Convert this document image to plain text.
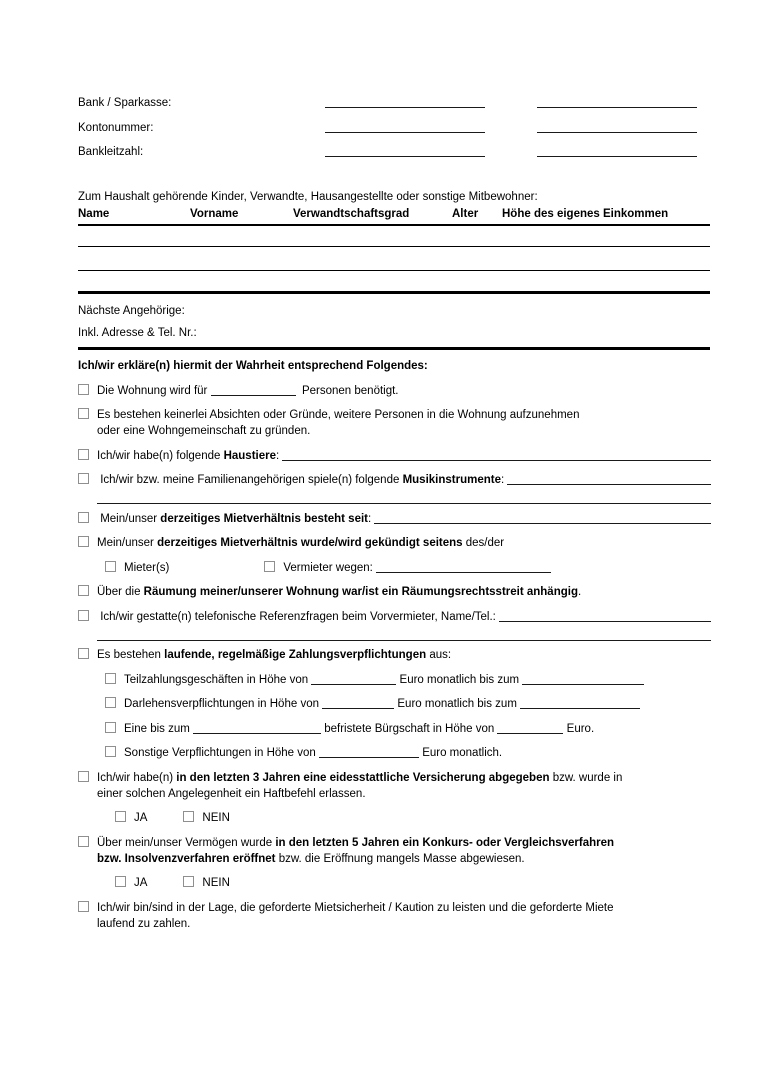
Bank / Sparkasse:
Kontonummer:
Bankleitzahl:
Zum Haushalt gehörende Kinder, Verwandte, Hausangestellte oder sonstige Mitbewohner:
Name	Vorname	Verwandtschaftsgrad	Alter	Höhe des eigenes Einkommen
Nächste Angehörige:
Inkl. Adresse & Tel. Nr.:
Ich/wir erkläre(n) hiermit der Wahrheit entsprechend Folgendes:
Die Wohnung wird für	Personen benötigt.
Es bestehen keinerlei Absichten oder Gründe, weitere Personen in die Wohnung aufzunehmen
oder eine Wohngemeinschaft zu gründen.
Ich/wir habe(n) folgende Haustiere :
Ich/wir bzw. meine Familienangehörigen spiele(n) folgende Musikinstrumente :
Mein/unser derzeitiges Mietverhältnis besteht seit :
Mein/unser derzeitiges Mietverhältnis wurde/wird gekündigt seitens des/der
Mieter(s)	Vermieter wegen:
Über die Räumung meiner/unserer Wohnung war/ist ein Räumungsrechtsstreit anhängig.
Ich/wir gestatte(n) telefonische Referenzfragen beim Vorvermieter, Name/Tel.:
Es bestehen laufende, regelmäßige Zahlungsverpflichtungen aus:
Teilzahlungsgeschäften in Höhe von	Euro monatlich bis zum
Darlehensverpflichtungen in Höhe von	Euro monatlich bis zum
Eine bis zum	befristete Bürgschaft in Höhe von	Euro.
Sonstige Verpflichtungen in Höhe von	Euro monatlich.
Ich/wir habe(n) in den letzten 3 Jahren eine eidesstattliche Versicherung abgegeben bzw. wurde in
einer solchen Angelegenheit ein Haftbefehl erlassen.
JA	NEIN
Über mein/unser Vermögen wurde in den letzten 5 Jahren ein Konkurs- oder Vergleichsverfahren
bzw. Insolvenzverfahren eröffnet bzw. die Eröffnung mangels Masse abgewiesen.
JA	NEIN
Ich/wir bin/sind in der Lage, die geforderte Mietsicherheit / Kaution zu leisten und die geforderte Miete
laufend zu zahlen.
